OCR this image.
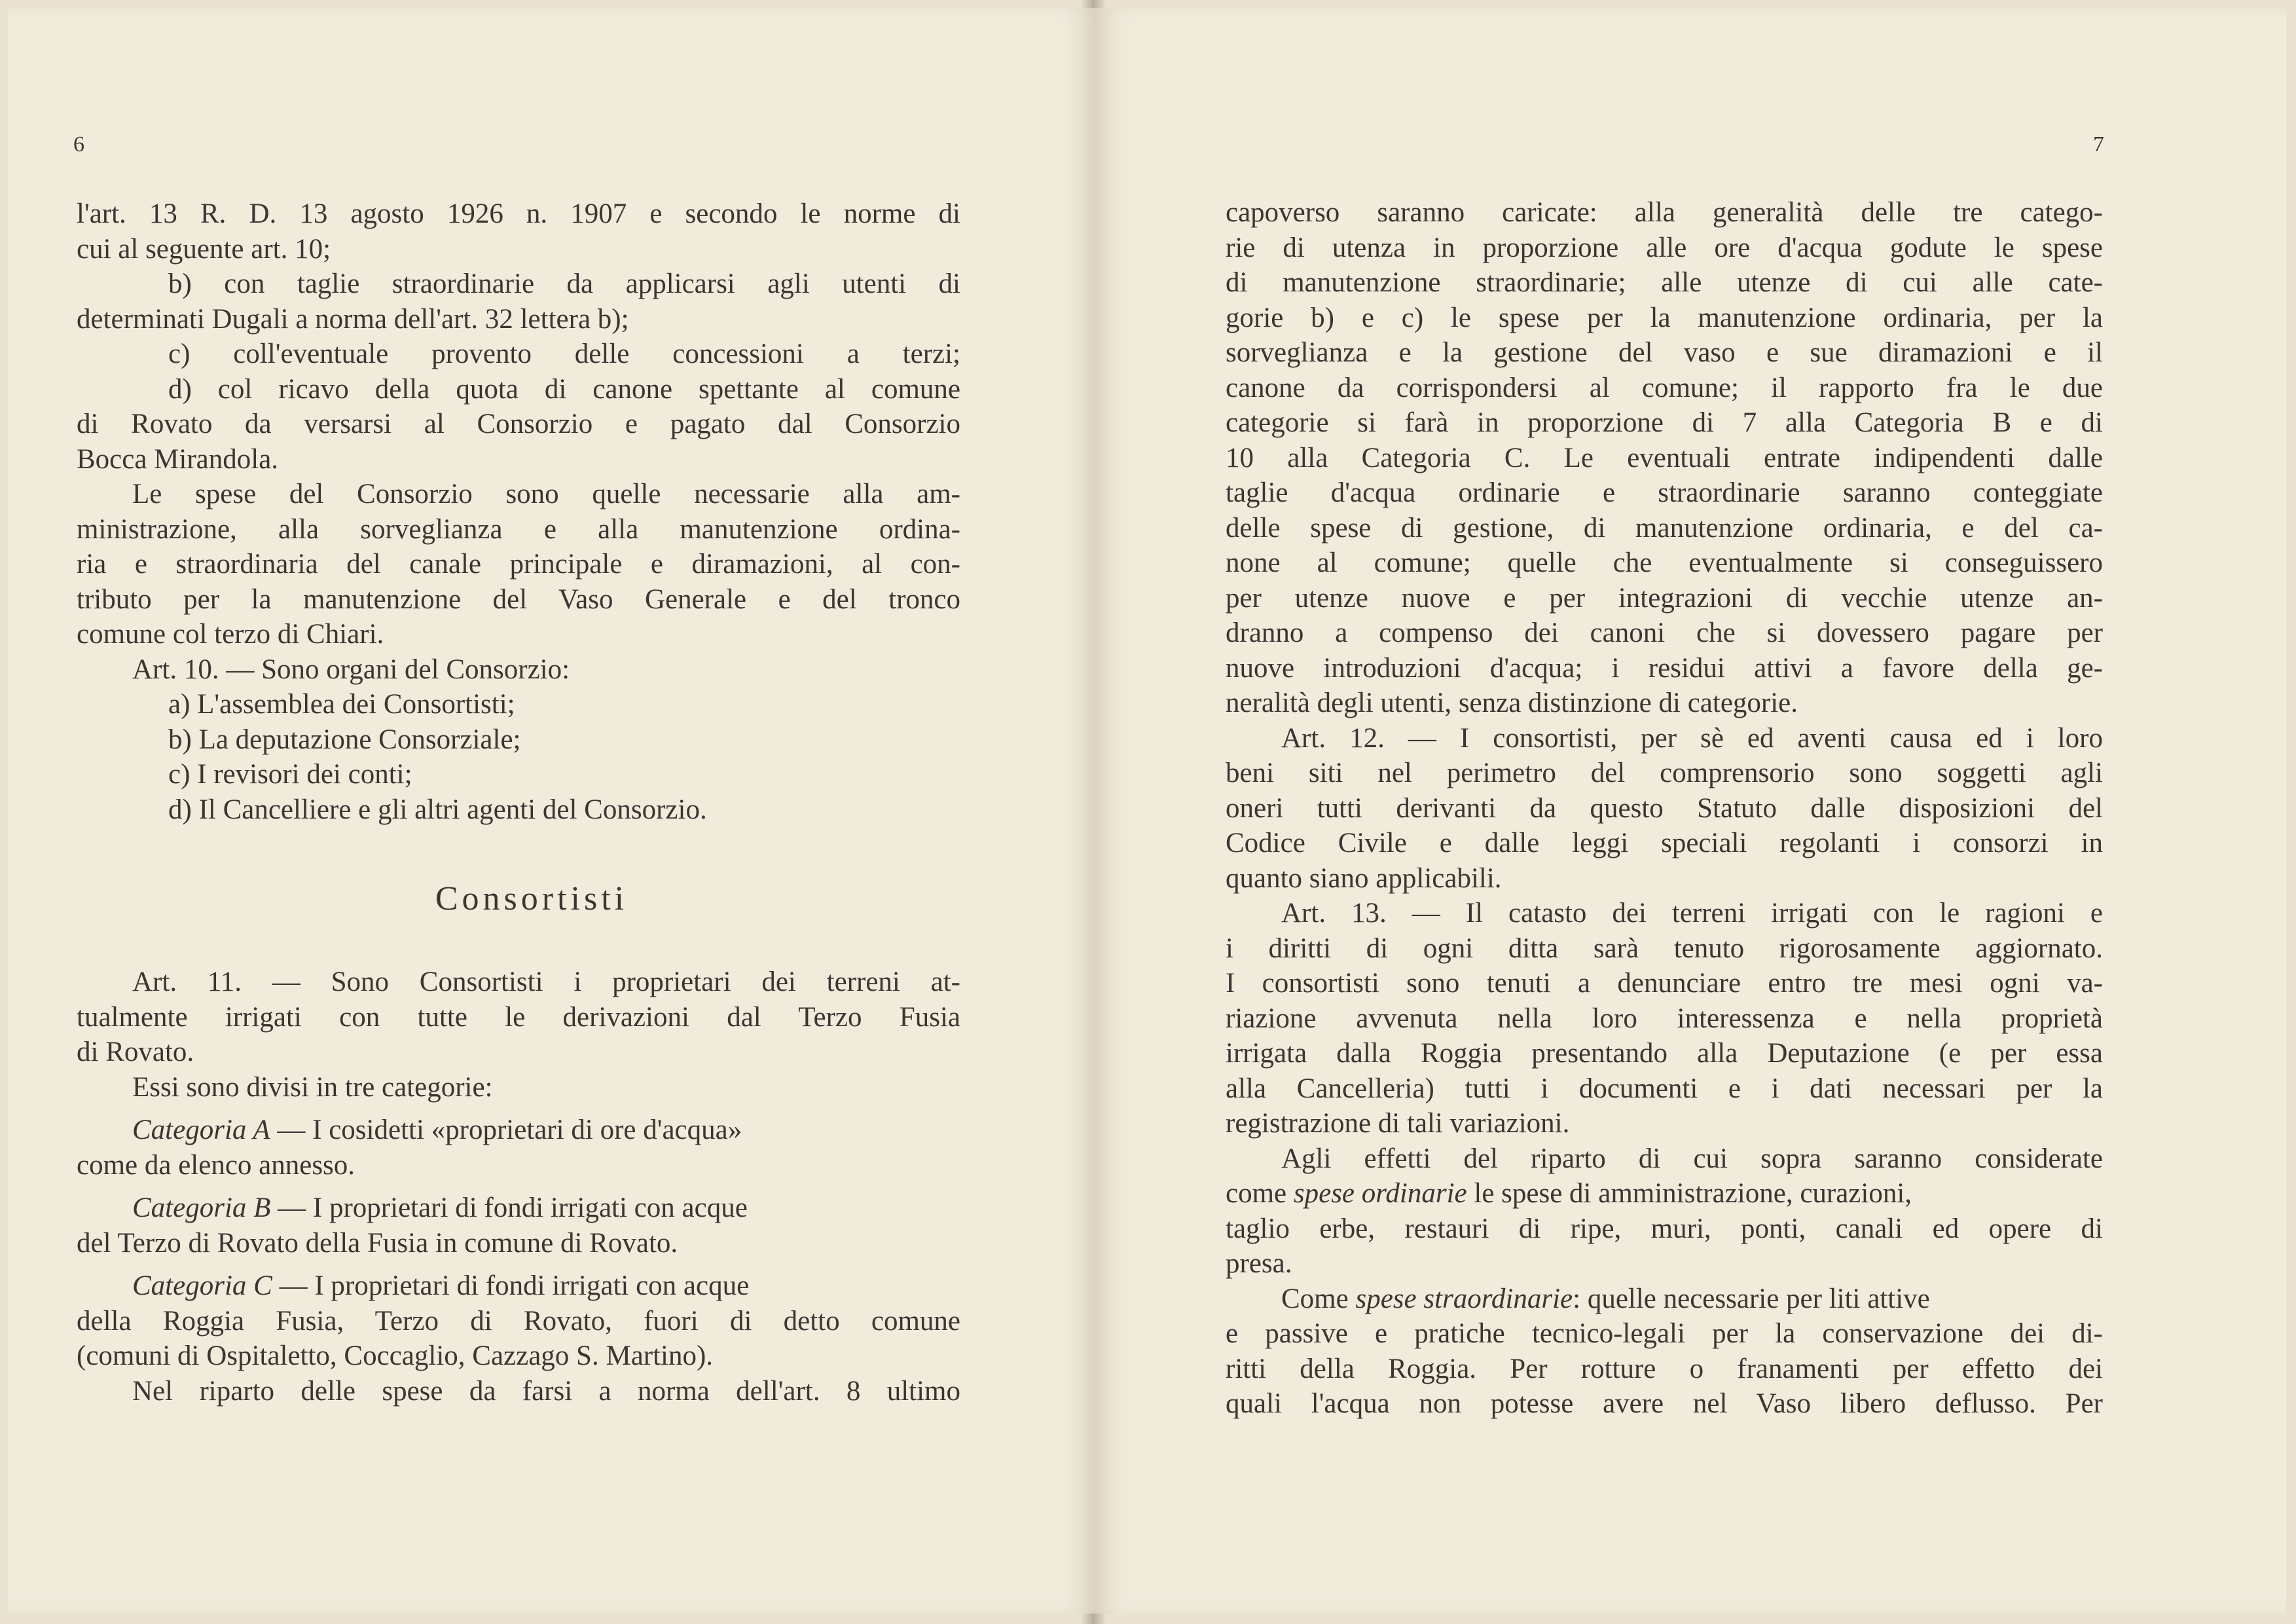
6
l'art. 13 R. D. 13 agosto 1926 n. 1907 e secondo le norme di
cui al seguente art. 10;
b) con taglie straordinarie da applicarsi agli utenti di
determinati Dugali a norma dell'art. 32 lettera b);
c) coll'eventuale provento delle concessioni a terzi;
d) col ricavo della quota di canone spettante al comune
di Rovato da versarsi al Consorzio e pagato dal Consorzio
Bocca Mirandola.
Le spese del Consorzio sono quelle necessarie alla am-
ministrazione, alla sorveglianza e alla manutenzione ordina-
ria e straordinaria del canale principale e diramazioni, al con-
tributo per la manutenzione del Vaso Generale e del tronco
comune col terzo di Chiari.
Art. 10. — Sono organi del Consorzio:
a) L'assemblea dei Consortisti;
b) La deputazione Consorziale;
c) I revisori dei conti;
d) Il Cancelliere e gli altri agenti del Consorzio.
Consortisti
Art. 11. — Sono Consortisti i proprietari dei terreni at-
tualmente irrigati con tutte le derivazioni dal Terzo Fusia
di Rovato.
Essi sono divisi in tre categorie:
Categoria A — I cosidetti «proprietari di ore d'acqua»
come da elenco annesso.
Categoria B — I proprietari di fondi irrigati con acque
del Terzo di Rovato della Fusia in comune di Rovato.
Categoria C — I proprietari di fondi irrigati con acque
della Roggia Fusia, Terzo di Rovato, fuori di detto comune
(comuni di Ospitaletto, Coccaglio, Cazzago S. Martino).
Nel riparto delle spese da farsi a norma dell'art. 8 ultimo
7
capoverso saranno caricate: alla generalità delle tre catego-
rie di utenza in proporzione alle ore d'acqua godute le spese
di manutenzione straordinarie; alle utenze di cui alle cate-
gorie b) e c) le spese per la manutenzione ordinaria, per la
sorveglianza e la gestione del vaso e sue diramazioni e il
canone da corrispondersi al comune; il rapporto fra le due
categorie si farà in proporzione di 7 alla Categoria B e di
10 alla Categoria C. Le eventuali entrate indipendenti dalle
taglie d'acqua ordinarie e straordinarie saranno conteggiate
delle spese di gestione, di manutenzione ordinaria, e del ca-
none al comune; quelle che eventualmente si conseguissero
per utenze nuove e per integrazioni di vecchie utenze an-
dranno a compenso dei canoni che si dovessero pagare per
nuove introduzioni d'acqua; i residui attivi a favore della ge-
neralità degli utenti, senza distinzione di categorie.
Art. 12. — I consortisti, per sè ed aventi causa ed i loro
beni siti nel perimetro del comprensorio sono soggetti agli
oneri tutti derivanti da questo Statuto dalle disposizioni del
Codice Civile e dalle leggi speciali regolanti i consorzi in
quanto siano applicabili.
Art. 13. — Il catasto dei terreni irrigati con le ragioni e
i diritti di ogni ditta sarà tenuto rigorosamente aggiornato.
I consortisti sono tenuti a denunciare entro tre mesi ogni va-
riazione avvenuta nella loro interessenza e nella proprietà
irrigata dalla Roggia presentando alla Deputazione (e per essa
alla Cancelleria) tutti i documenti e i dati necessari per la
registrazione di tali variazioni.
Agli effetti del riparto di cui sopra saranno considerate
come spese ordinarie le spese di amministrazione, curazioni,
taglio erbe, restauri di ripe, muri, ponti, canali ed opere di
presa.
Come spese straordinarie: quelle necessarie per liti attive
e passive e pratiche tecnico-legali per la conservazione dei di-
ritti della Roggia. Per rotture o franamenti per effetto dei
quali l'acqua non potesse avere nel Vaso libero deflusso. Per
